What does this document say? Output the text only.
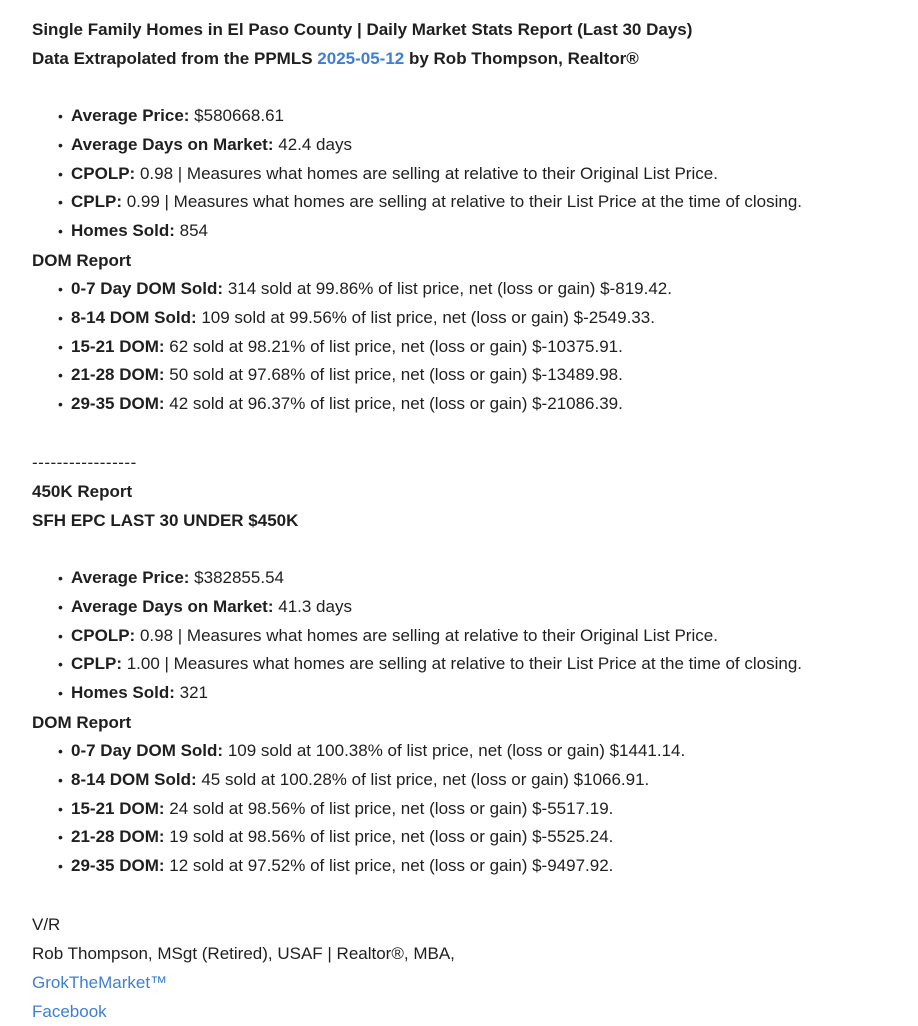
Single Family Homes in El Paso County | Daily Market Stats Report (Last 30 Days)
Data Extrapolated from the PPMLS 2025-05-12 by Rob Thompson, Realtor®
• Average Price: $580668.61
• Average Days on Market: 42.4 days
• CPOLP: 0.98 | Measures what homes are selling at relative to their Original List Price.
• CPLP: 0.99 | Measures what homes are selling at relative to their List Price at the time of closing.
• Homes Sold: 854
DOM Report
• 0-7 Day DOM Sold: 314 sold at 99.86% of list price, net (loss or gain) $-819.42.
• 8-14 DOM Sold: 109 sold at 99.56% of list price, net (loss or gain) $-2549.33.
• 15-21 DOM: 62 sold at 98.21% of list price, net (loss or gain) $-10375.91.
• 21-28 DOM: 50 sold at 97.68% of list price, net (loss or gain) $-13489.98.
• 29-35 DOM: 42 sold at 96.37% of list price, net (loss or gain) $-21086.39.
-----------------
450K Report
SFH EPC LAST 30 UNDER $450K
• Average Price: $382855.54
• Average Days on Market: 41.3 days
• CPOLP: 0.98 | Measures what homes are selling at relative to their Original List Price.
• CPLP: 1.00 | Measures what homes are selling at relative to their List Price at the time of closing.
• Homes Sold: 321
DOM Report
• 0-7 Day DOM Sold: 109 sold at 100.38% of list price, net (loss or gain) $1441.14.
• 8-14 DOM Sold: 45 sold at 100.28% of list price, net (loss or gain) $1066.91.
• 15-21 DOM: 24 sold at 98.56% of list price, net (loss or gain) $-5517.19.
• 21-28 DOM: 19 sold at 98.56% of list price, net (loss or gain) $-5525.24.
• 29-35 DOM: 12 sold at 97.52% of list price, net (loss or gain) $-9497.92.
V/R
Rob Thompson, MSgt (Retired), USAF | Realtor®, MBA,
GrokTheMarket™
Facebook
